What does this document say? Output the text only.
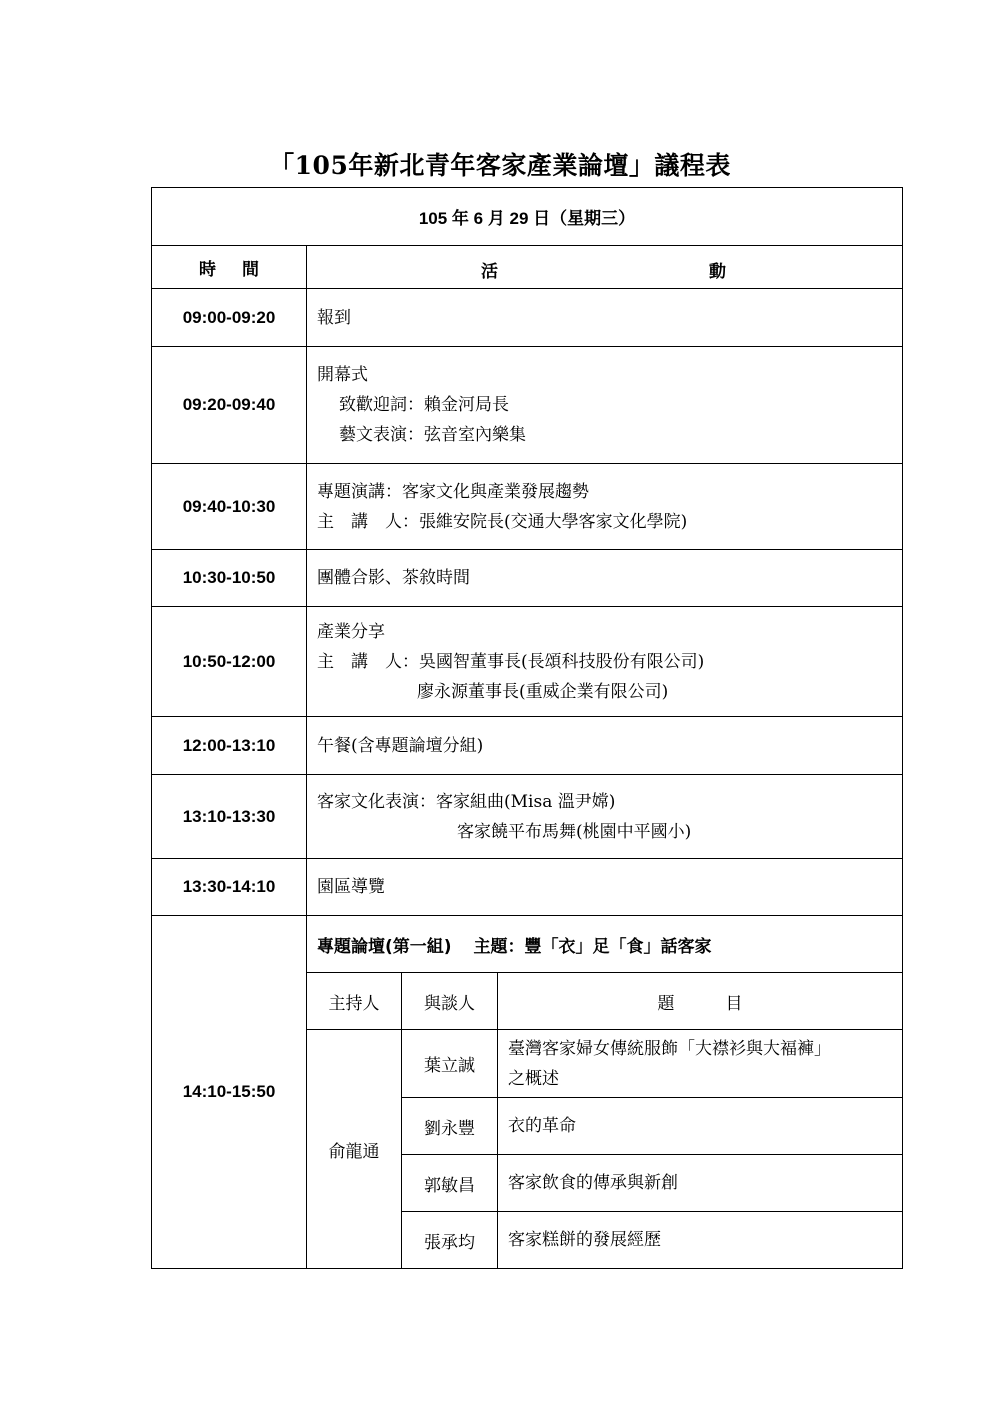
「105年新北青年客家產業論壇」議程表
105 年 6 月 29 日（星期三）			
時 間	活 動		

09:00-09:20	報到		

09:20-09:40	開幕式
致歡迎詞：賴金河局長
藝文表演：弦音室內樂集		

09:40-10:30	專題演講：客家文化與產業發展趨勢
主　講　人：張維安院長(交通大學客家文化學院)		

10:30-10:50	團體合影、茶敘時間		

10:50-12:00	產業分享
主　講　人：吳國智董事長(長頌科技股份有限公司)
廖永源董事長(重威企業有限公司)		

12:00-13:10	午餐(含專題論壇分組)		

13:10-13:30	客家文化表演：客家組曲(Misa 溫尹嫦)
客家饒平布馬舞(桃園中平國小)		

13:30-14:10	園區導覽		

14:10-15:50	專題論壇(第一組) 主題：豐「衣」足「食」話客家		
	主持人	與談人	題　　　目
	俞龍通	葉立誠	臺灣客家婦女傳統服飾「大襟衫與大褔褲」
之概述

		劉永豐	衣的革命
		郭敏昌	客家飲食的傳承與新創
		張承均	客家糕餅的發展經歷
